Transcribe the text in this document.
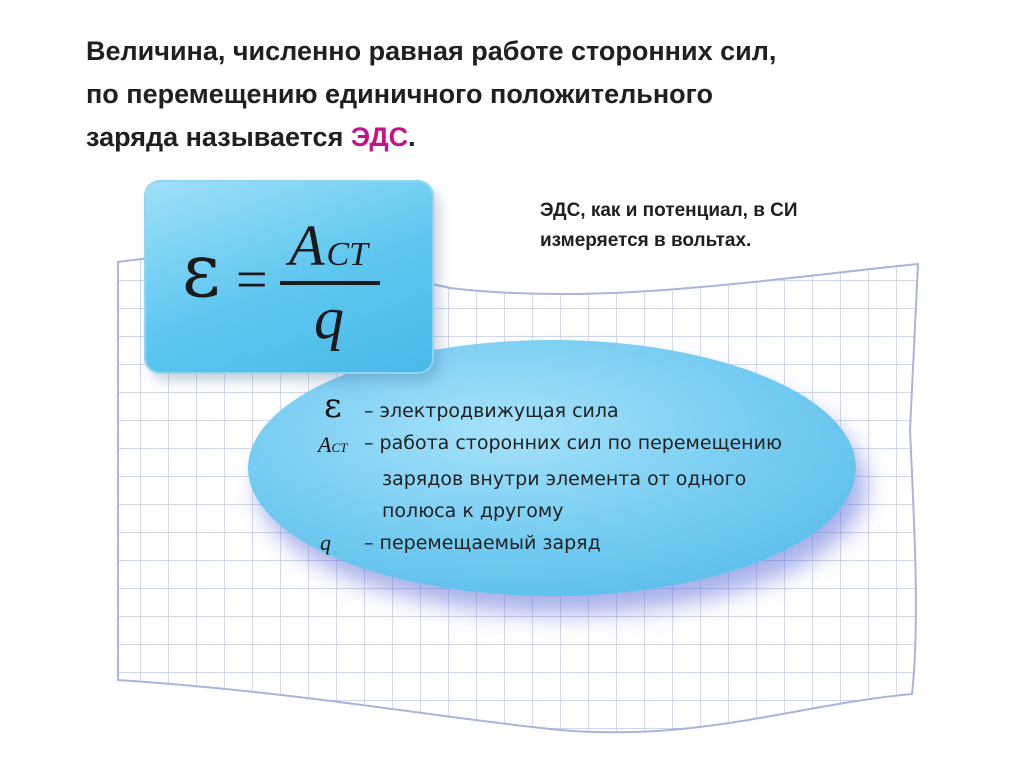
Величина, численно равная работе сторонних сил,
по перемещению единичного положительного
заряда называется ЭДС.
ЭДС, как и потенциал, в СИ
измеряется в вольтах.
ε =
ACT
q
ε – электродвижущая сила
ACT – работа сторонних сил по перемещению
зарядов внутри элемента от одного
полюса к другому
q – перемещаемый заряд
